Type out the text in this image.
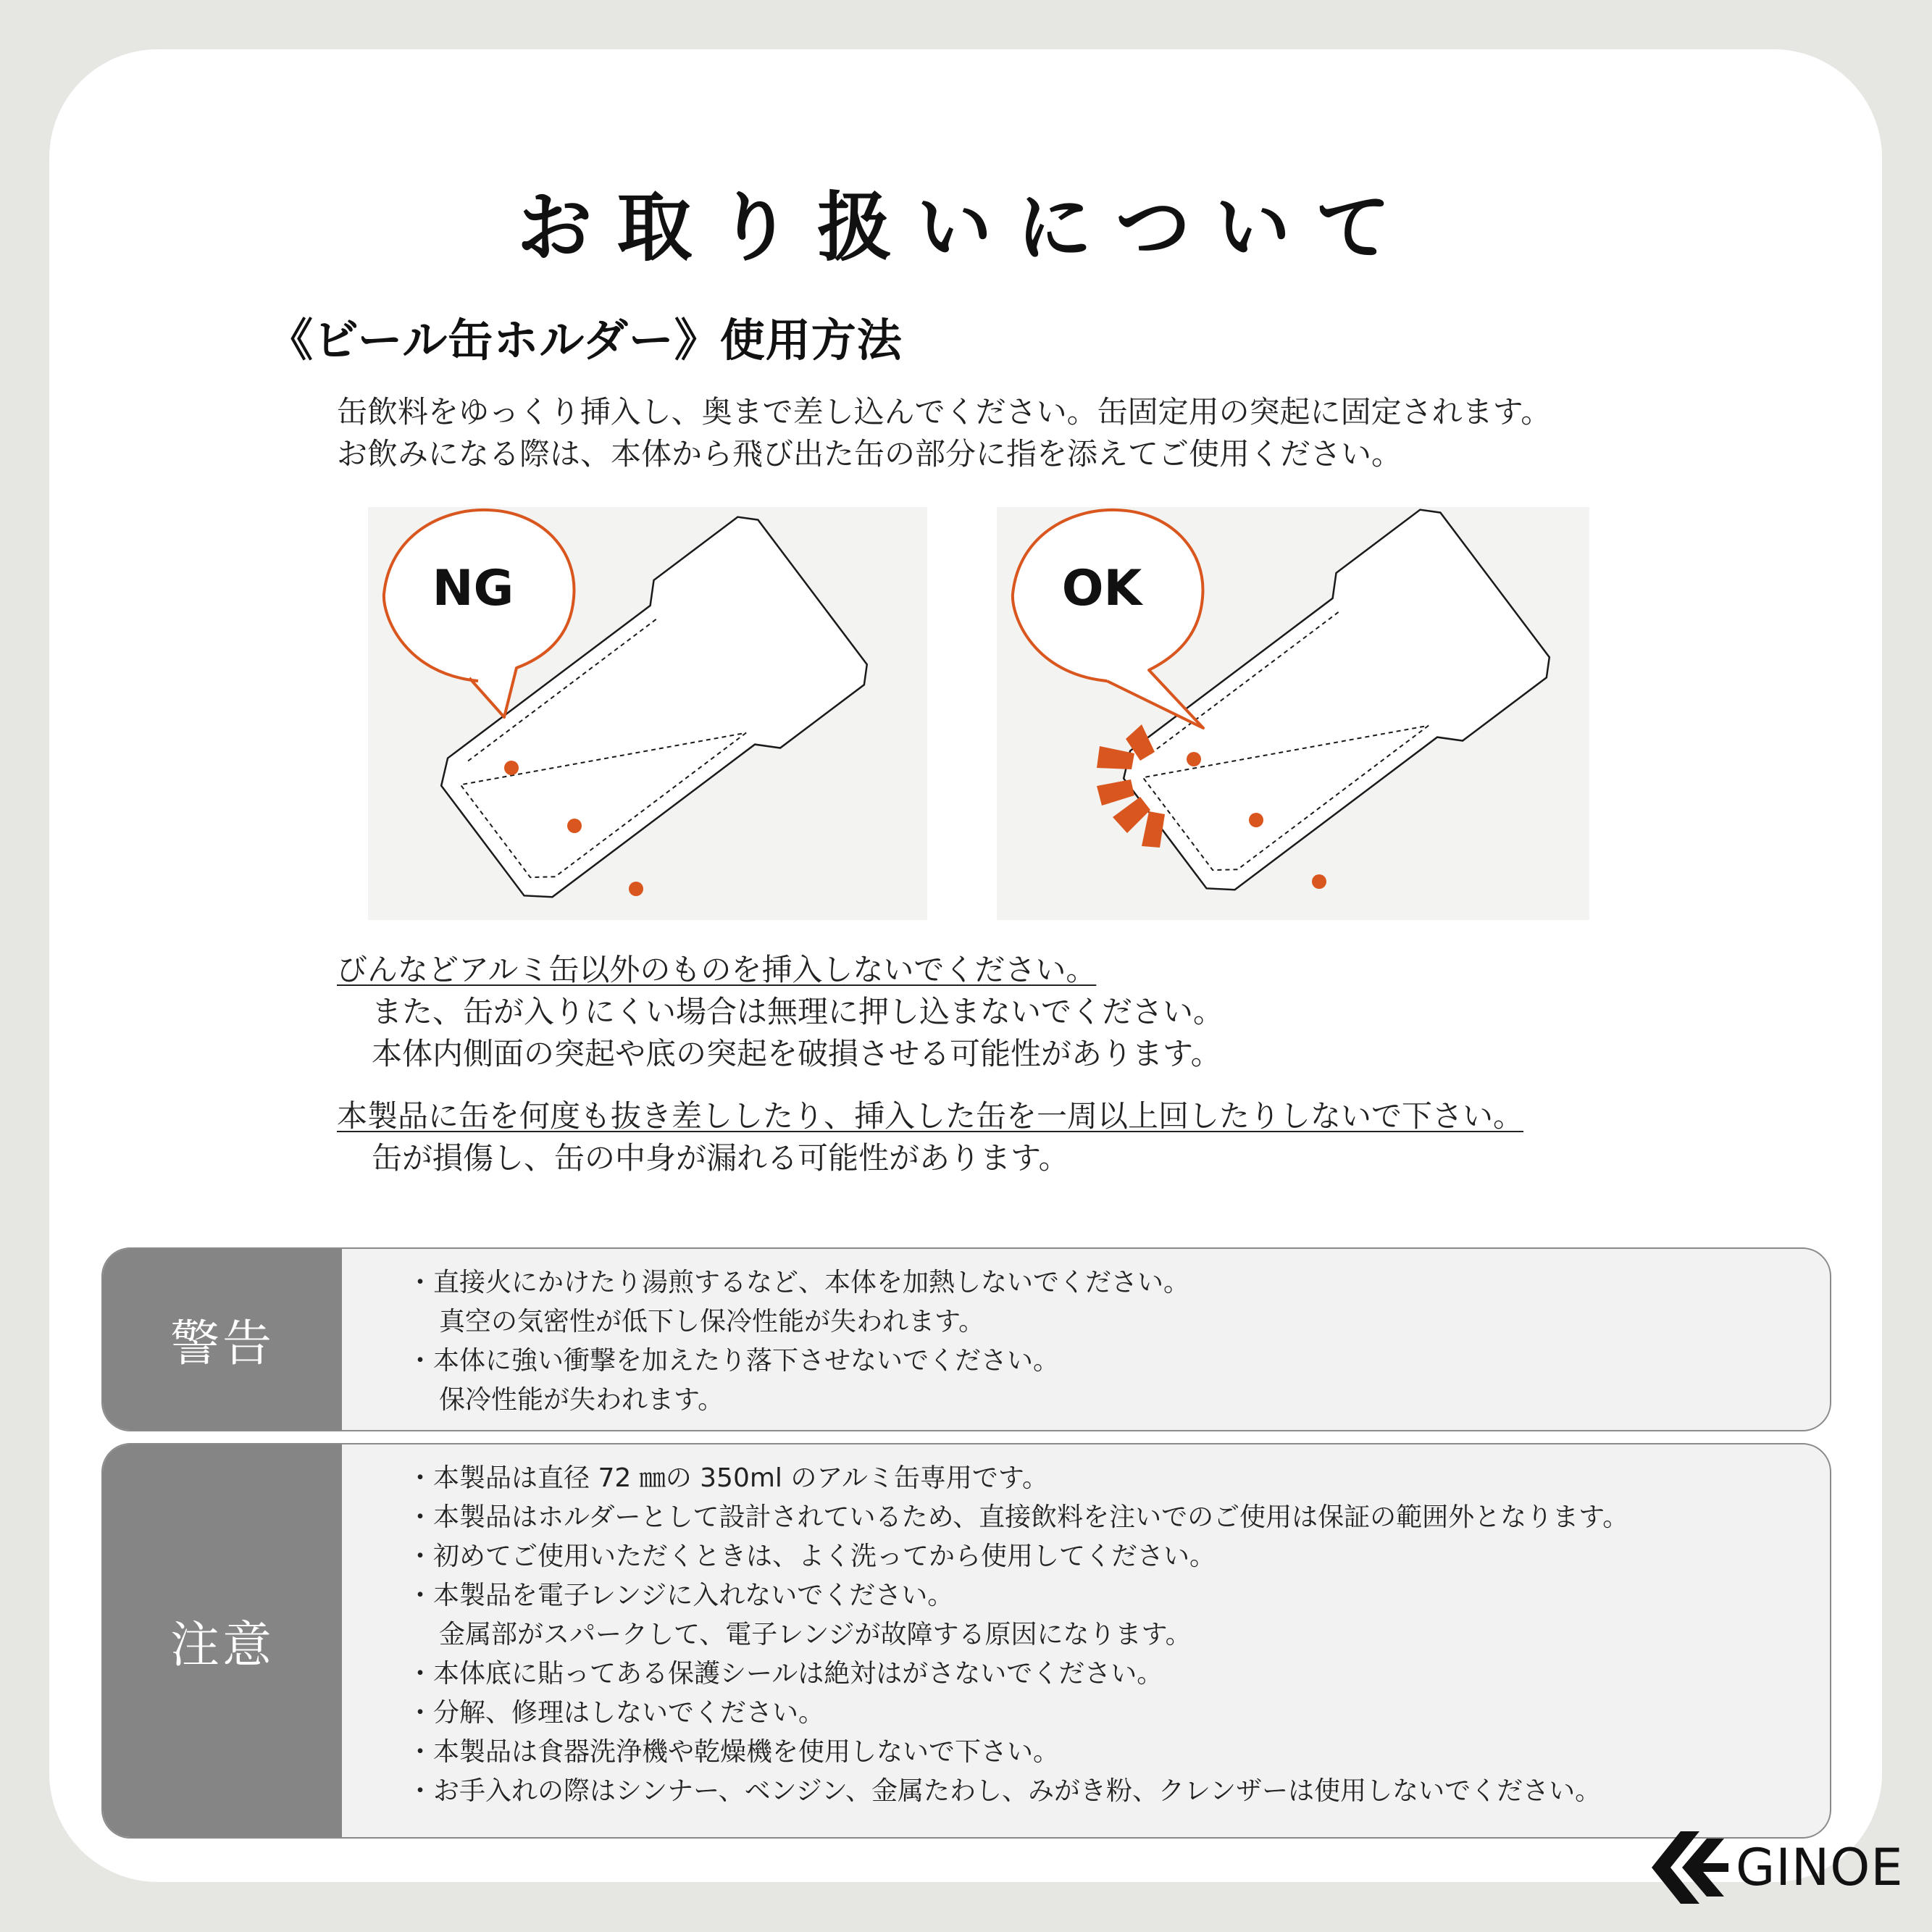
お取り扱いについて
《ビール缶ホルダー》使用方法
缶飲料をゆっくり挿入し、奥まで差し込んでください。缶固定用の突起に固定されます。
お飲みになる際は、本体から飛び出た缶の部分に指を添えてご使用ください。
NG	OK
びんなどアルミ缶以外のものを挿入しないでください。
また、缶が入りにくい場合は無理に押し込まないでください。
本体内側面の突起や底の突起を破損させる可能性があります。
本製品に缶を何度も抜き差ししたり、挿入した缶を一周以上回したりしないで下さい。
缶が損傷し、缶の中身が漏れる可能性があります。
警告
・直接火にかけたり湯煎するなど、本体を加熱しないでください。
真空の気密性が低下し保冷性能が失われます。
・本体に強い衝撃を加えたり落下させないでください。
保冷性能が失われます。
注意
・本製品は直径 72 ㎜の 350ml のアルミ缶専用です。
・本製品はホルダーとして設計されているため、直接飲料を注いでのご使用は保証の範囲外となります。
・初めてご使用いただくときは、よく洗ってから使用してください。
・本製品を電子レンジに入れないでください。
金属部がスパークして、電子レンジが故障する原因になります。
・本体底に貼ってある保護シールは絶対はがさないでください。
・分解、修理はしないでください。
・本製品は食器洗浄機や乾燥機を使用しないで下さい。
・お手入れの際はシンナー、ベンジン、金属たわし、みがき粉、クレンザーは使用しないでください。
GINOE
